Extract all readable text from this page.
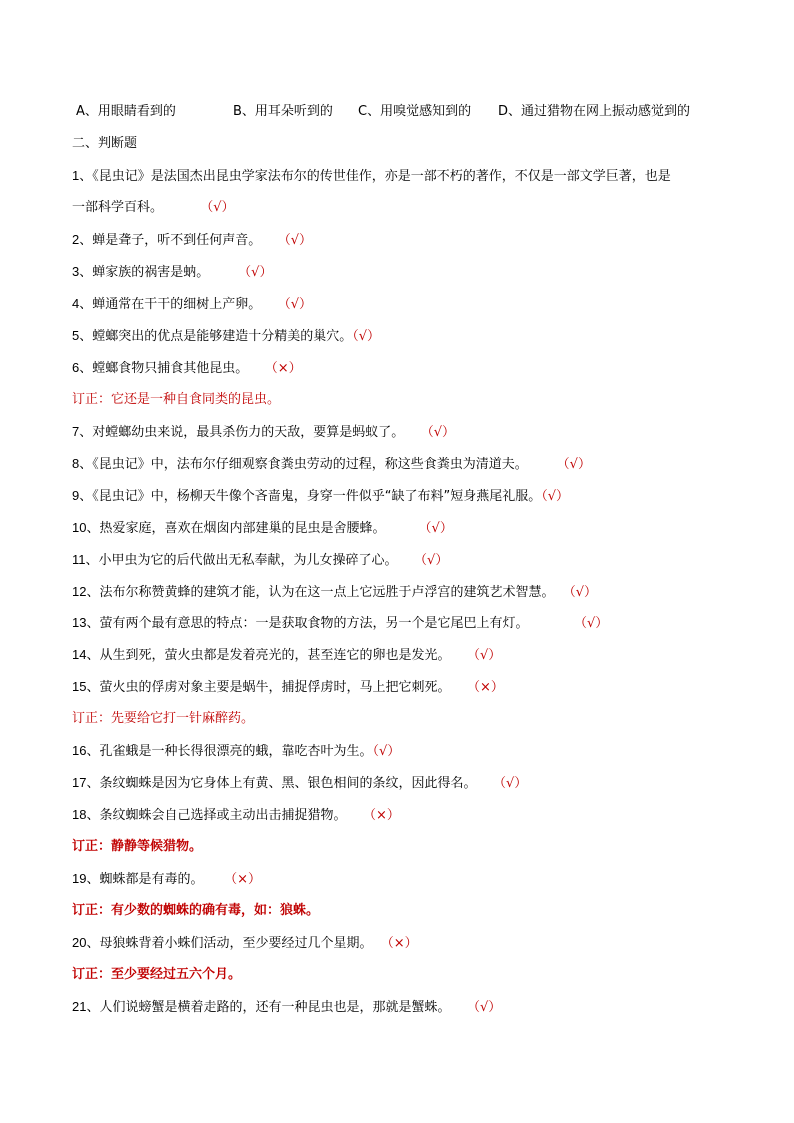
A、用眼睛看到的

	B、用耳朵听到的

C、用嗅觉感知到的

D、通过猎物在网上振动感觉到的

二、判断题
1、《昆虫记》是法国杰出昆虫学家法布尔的传世佳作，亦是一部不朽的著作，不仅是一部文学巨著，也是
一部科学百科。         （√）
2、蝉是聋子，听不到任何声音。    （√）
3、蝉家族的祸害是蚋。       （√）
4、蝉通常在干干的细树上产卵。    （√）
5、螳螂突出的优点是能够建造十分精美的巢穴。（√）
6、螳螂食物只捕食其他昆虫。    （×）
订正：它还是一种自食同类的昆虫。
7、对螳螂幼虫来说，最具杀伤力的天敌，要算是蚂蚁了。    （√）
8、《昆虫记》中，法布尔仔细观察食粪虫劳动的过程，称这些食粪虫为清道夫。       （√）
9、《昆虫记》中，杨柳天牛像个吝啬鬼，身穿一件似乎“缺了布料”短身燕尾礼服。（√）
10、热爱家庭，喜欢在烟囱内部建巢的昆虫是舍腰蜂。        （√）
11、小甲虫为它的后代做出无私奉献，为儿女操碎了心。    （√）
12、法布尔称赞黄蜂的建筑才能，认为在这一点上它远胜于卢浮宫的建筑艺术智慧。  （√）
13、萤有两个最有意思的特点：一是获取食物的方法，另一个是它尾巴上有灯。           （√）
14、从生到死，萤火虫都是发着亮光的，甚至连它的卵也是发光。    （√）
15、萤火虫的俘虏对象主要是蜗牛，捕捉俘虏时，马上把它刺死。    （×）
订正：先要给它打一针麻醉药。
16、孔雀蛾是一种长得很漂亮的蛾，靠吃杏叶为生。（√）
17、条纹蜘蛛是因为它身体上有黄、黑、银色相间的条纹，因此得名。    （√）
18、条纹蜘蛛会自己选择或主动出击捕捉猎物。    （×）
订正：静静等候猎物。
19、蜘蛛都是有毒的。     （×）
订正：有少数的蜘蛛的确有毒，如：狼蛛。
20、母狼蛛背着小蛛们活动，至少要经过几个星期。  （×）
订正：至少要经过五六个月。
21、人们说螃蟹是横着走路的，还有一种昆虫也是，那就是蟹蛛。    （√）
